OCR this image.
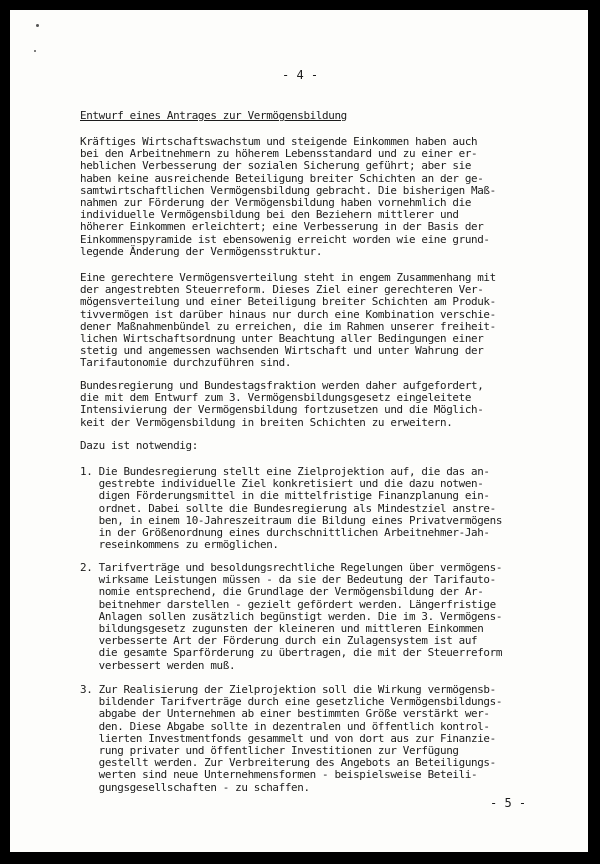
- 4 -
Entwurf eines Antrages zur Vermögensbildung

Kräftiges Wirtschaftswachstum und steigende Einkommen haben auch
bei den Arbeitnehmern zu höherem Lebensstandard und zu einer er-
heblichen Verbesserung der sozialen Sicherung geführt; aber sie
haben keine ausreichende Beteiligung breiter Schichten an der ge-
samtwirtschaftlichen Vermögensbildung gebracht. Die bisherigen Maß-
nahmen zur Förderung der Vermögensbildung haben vornehmlich die
individuelle Vermögensbildung bei den Beziehern mittlerer und
höherer Einkommen erleichtert; eine Verbesserung in der Basis der
Einkommenspyramide ist ebensowenig erreicht worden wie eine grund-
legende Änderung der Vermögensstruktur.

Eine gerechtere Vermögensverteilung steht in engem Zusammenhang mit
der angestrebten Steuerreform. Dieses Ziel einer gerechteren Ver-
mögensverteilung und einer Beteiligung breiter Schichten am Produk-
tivvermögen ist darüber hinaus nur durch eine Kombination verschie-
dener Maßnahmenbündel zu erreichen, die im Rahmen unserer freiheit-
lichen Wirtschaftsordnung unter Beachtung aller Bedingungen einer
stetig und angemessen wachsenden Wirtschaft und unter Wahrung der
Tarifautonomie durchzuführen sind.

Bundesregierung und Bundestagsfraktion werden daher aufgefordert,
die mit dem Entwurf zum 3. Vermögensbildungsgesetz eingeleitete
Intensivierung der Vermögensbildung fortzusetzen und die Möglich-
keit der Vermögensbildung in breiten Schichten zu erweitern.

Dazu ist notwendig:

1. Die Bundesregierung stellt eine Zielprojektion auf, die das an-
gestrebte individuelle Ziel konkretisiert und die dazu notwen-
digen Förderungsmittel in die mittelfristige Finanzplanung ein-
ordnet. Dabei sollte die Bundesregierung als Mindestziel anstre-
ben, in einem 10-Jahreszeitraum die Bildung eines Privatvermögens
in der Größenordnung eines durchschnittlichen Arbeitnehmer-Jah-
reseinkommens zu ermöglichen.

2. Tarifverträge und besoldungsrechtliche Regelungen über vermögens-
wirksame Leistungen müssen - da sie der Bedeutung der Tarifauto-
nomie entsprechend, die Grundlage der Vermögensbildung der Ar-
beitnehmer darstellen - gezielt gefördert werden. Längerfristige
Anlagen sollen zusätzlich begünstigt werden. Die im 3. Vermögens-
bildungsgesetz zugunsten der kleineren und mittleren Einkommen
verbesserte Art der Förderung durch ein Zulagensystem ist auf
die gesamte Sparförderung zu übertragen, die mit der Steuerreform
verbessert werden muß.

3. Zur Realisierung der Zielprojektion soll die Wirkung vermögensb-
bildender Tarifverträge durch eine gesetzliche Vermögensbildungs-
abgabe der Unternehmen ab einer bestimmten Größe verstärkt wer-
den. Diese Abgabe sollte in dezentralen und öffentlich kontrol-
lierten Investmentfonds gesammelt und von dort aus zur Finanzie-
rung privater und öffentlicher Investitionen zur Verfügung
gestellt werden. Zur Verbreiterung des Angebots an Beteiligungs-
werten sind neue Unternehmensformen - beispielsweise Beteili-
gungsgesellschaften - zu schaffen.

- 5 -
